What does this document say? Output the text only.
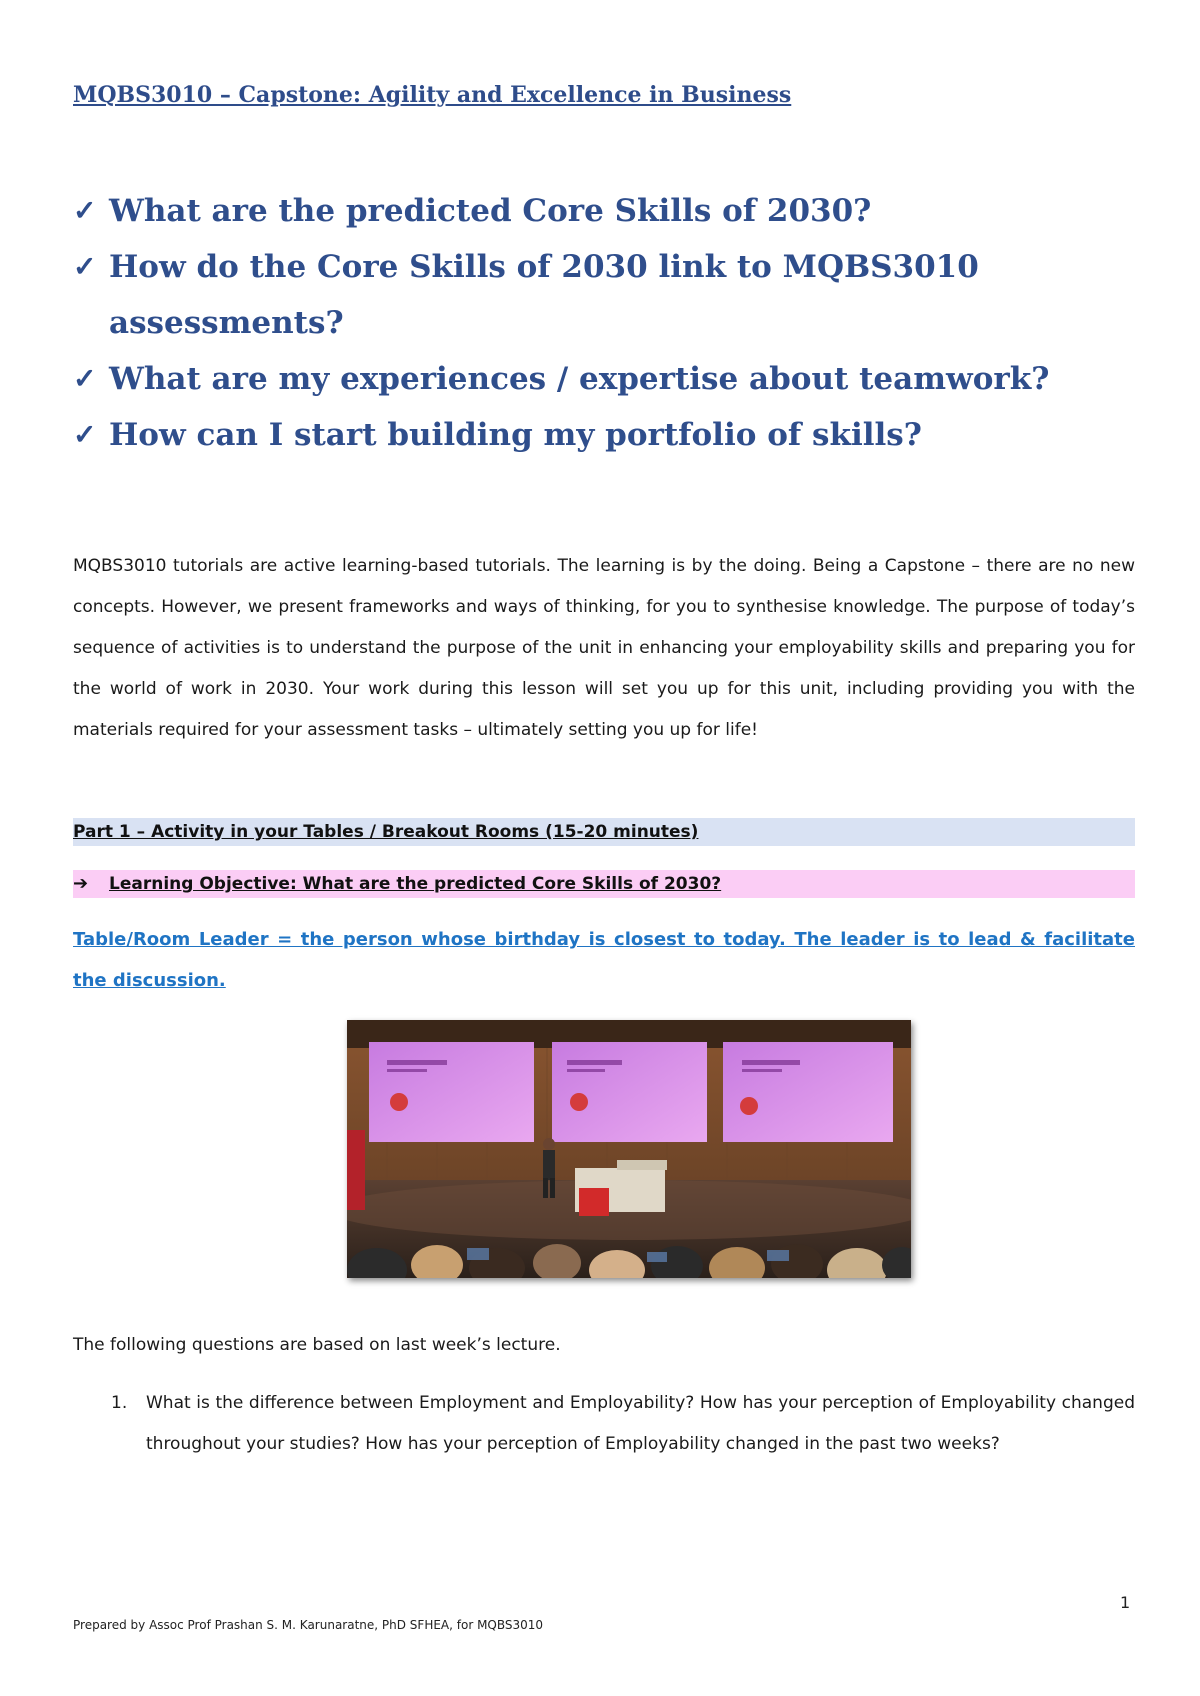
MQBS3010 – Capstone: Agility and Excellence in Business
✓ What are the predicted Core Skills of 2030?
✓ How do the Core Skills of 2030 link to MQBS3010 assessments?
✓ What are my experiences / expertise about teamwork?
✓ How can I start building my portfolio of skills?

MQBS3010 tutorials are active learning-based tutorials. The learning is by the doing. Being a Capstone – there are no new concepts. However, we present frameworks and ways of thinking, for you to synthesise knowledge. The purpose of today’s sequence of activities is to understand the purpose of the unit in enhancing your employability skills and preparing you for the world of work in 2030. Your work during this lesson will set you up for this unit, including providing you with the materials required for your assessment tasks – ultimately setting you up for life!

Part 1 – Activity in your Tables / Breakout Rooms (15-20 minutes)
➔ Learning Objective: What are the predicted Core Skills of 2030?
Table/Room Leader = the person whose birthday is closest to today. The leader is to lead & facilitate the discussion.
The following questions are based on last week’s lecture.
1. What is the difference between Employment and Employability? How has your perception of Employability changed throughout your studies? How has your perception of Employability changed in the past two weeks?
1
Prepared by Assoc Prof Prashan S. M. Karunaratne, PhD SFHEA, for MQBS3010
